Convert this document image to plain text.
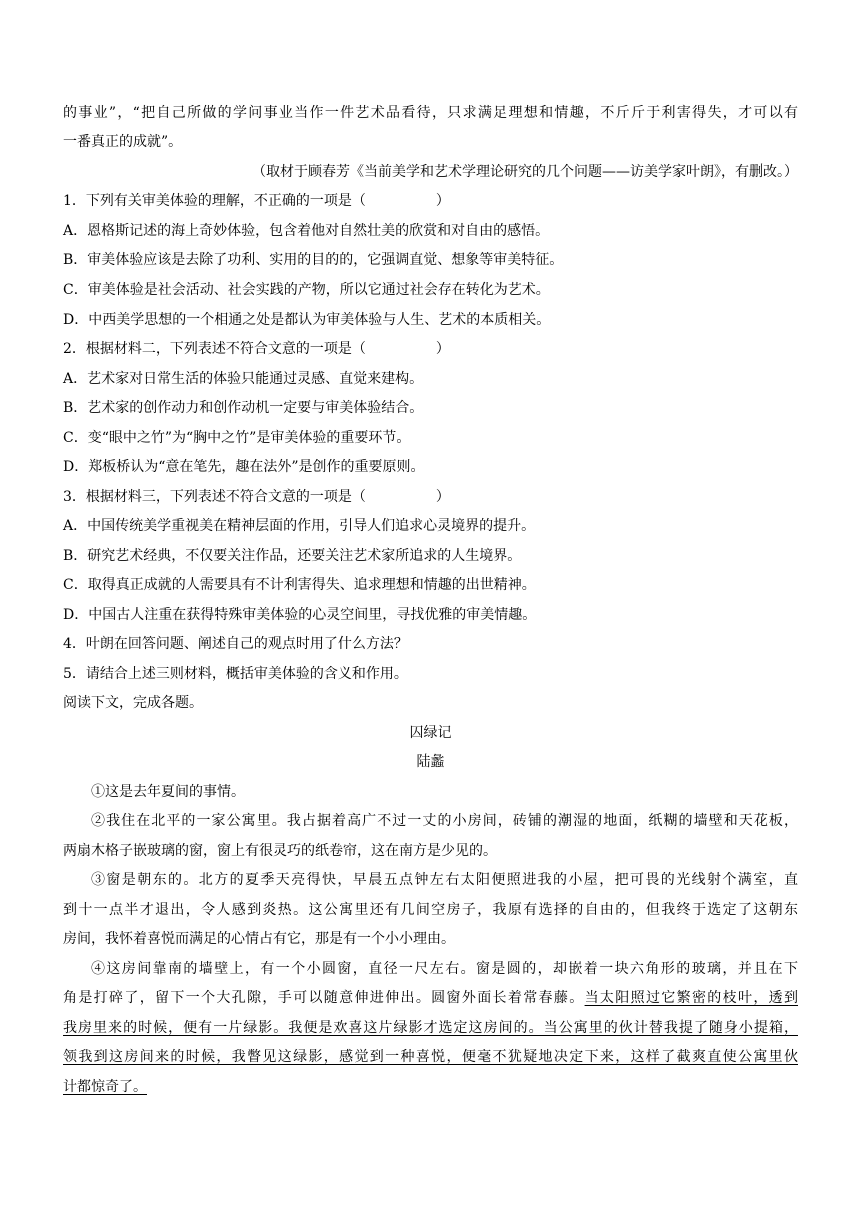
的事业”，“把自己所做的学问事业当作一件艺术品看待，只求满足理想和情趣，不斤斤于利害得失，才可以有
一番真正的成就”。
（取材于顾春芳《当前美学和艺术学理论研究的几个问题——访美学家叶朗》，有删改。）
1．下列有关审美体验的理解，不正确的一项是（　　　　　）
A．恩格斯记述的海上奇妙体验，包含着他对自然壮美的欣赏和对自由的感悟。
B．审美体验应该是去除了功利、实用的目的的，它强调直觉、想象等审美特征。
C．审美体验是社会活动、社会实践的产物，所以它通过社会存在转化为艺术。
D．中西美学思想的一个相通之处是都认为审美体验与人生、艺术的本质相关。
2．根据材料二，下列表述不符合文意的一项是（　　　　　）
A．艺术家对日常生活的体验只能通过灵感、直觉来建构。
B．艺术家的创作动力和创作动机一定要与审美体验结合。
C．变“眼中之竹”为“胸中之竹”是审美体验的重要环节。
D．郑板桥认为“意在笔先，趣在法外”是创作的重要原则。
3．根据材料三，下列表述不符合文意的一项是（　　　　　）
A．中国传统美学重视美在精神层面的作用，引导人们追求心灵境界的提升。
B．研究艺术经典，不仅要关注作品，还要关注艺术家所追求的人生境界。
C．取得真正成就的人需要具有不计利害得失、追求理想和情趣的出世精神。
D．中国古人注重在获得特殊审美体验的心灵空间里，寻找优雅的审美情趣。
4．叶朗在回答问题、阐述自己的观点时用了什么方法？
5．请结合上述三则材料，概括审美体验的含义和作用。
阅读下文，完成各题。
囚绿记
陆蠡
①这是去年夏间的事情。
②我住在北平的一家公寓里。我占据着高广不过一丈的小房间，砖铺的潮湿的地面，纸糊的墙壁和天花板，
两扇木格子嵌玻璃的窗，窗上有很灵巧的纸卷帘，这在南方是少见的。
③窗是朝东的。北方的夏季天亮得快，早晨五点钟左右太阳便照进我的小屋，把可畏的光线射个满室，直
到十一点半才退出，令人感到炎热。这公寓里还有几间空房子，我原有选择的自由的，但我终于选定了这朝东
房间，我怀着喜悦而满足的心情占有它，那是有一个小小理由。
④这房间靠南的墙壁上，有一个小圆窗，直径一尺左右。窗是圆的，却嵌着一块六角形的玻璃，并且在下
角是打碎了，留下一个大孔隙，手可以随意伸进伸出。圆窗外面长着常春藤。当太阳照过它繁密的枝叶，透到
我房里来的时候，便有一片绿影。我便是欢喜这片绿影才选定这房间的。当公寓里的伙计替我提了随身小提箱，
领我到这房间来的时候，我瞥见这绿影，感觉到一种喜悦，便毫不犹疑地决定下来，这样了截爽直使公寓里伙
计都惊奇了。
